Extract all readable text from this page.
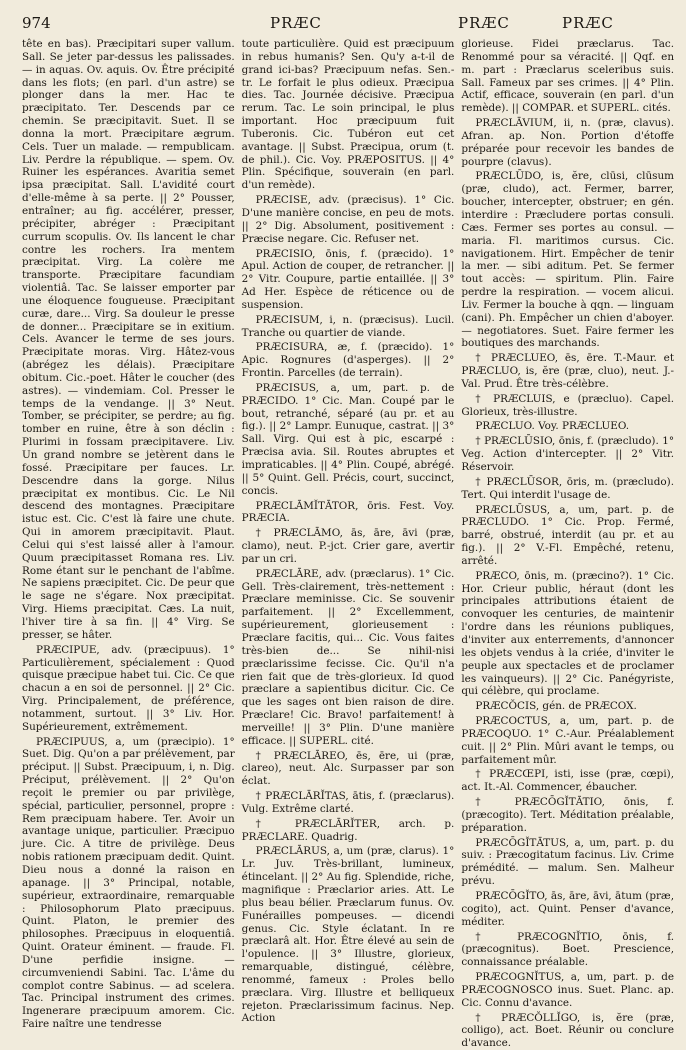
974	PRÆC	PRÆC	PRÆC

tête en bas). Præcipitari super vallum. Sall. Se jeter par-dessus les palissades. — in aquas. Ov. aquis. Ov. Être précipité dans les flots; (en parl. d'un astre) se plonger dans la mer. Hac te præcipitato. Ter. Descends par ce chemin. Se præcipitavit. Suet. Il se donna la mort. Præcipitare ægrum. Cels. Tuer un malade. — rempublicam. Liv. Perdre la république. — spem. Ov. Ruiner les espérances. Avaritia semet ipsa præcipitat. Sall. L'avidité court d'elle-même à sa perte. || 2° Pousser, entraîner; au fig. accélérer, presser, précipiter, abréger : Præcipitant currum scopulis. Ov. Ils lancent le char contre les rochers. Ira mentem præcipitat. Virg. La colère me transporte. Præcipitare facundiam violentiâ. Tac. Se laisser emporter par une éloquence fougueuse. Præcipitant curæ, dare... Virg. Sa douleur le presse de donner... Præcipitare se in exitium. Cels. Avancer le terme de ses jours. Præcipitate moras. Virg. Hâtez-vous (abrégez les délais). Præcipitare obitum. Cic.-poet. Hâter le coucher (des astres). — vindemiam. Col. Presser le temps de la vendange. || 3° Neut. Tomber, se précipiter, se perdre; au fig. tomber en ruine, être à son déclin : Plurimi in fossam præcipitavere. Liv. Un grand nombre se jetèrent dans le fossé. Præcipitare per fauces. Lr. Descendre dans la gorge. Nilus præcipitat ex montibus. Cic. Le Nil descend des montagnes. Præcipitare istuc est. Cic. C'est là faire une chute. Qui in amorem præcipitavit. Plaut. Celui qui s'est laissé aller à l'amour. Quum præcipitasset Romana res. Liv. Rome étant sur le penchant de l'abîme. Ne sapiens præcipitet. Cic. De peur que le sage ne s'égare. Nox præcipitat. Virg. Hiems præcipitat. Cæs. La nuit, l'hiver tire à sa fin. || 4° Virg. Se presser, se hâter.

PRÆCIPUE, adv. (præcipuus). 1° Particulièrement, spécialement : Quod quisque præcipue habet tui. Cic. Ce que chacun a en soi de personnel. || 2° Cic. Virg. Principalement, de préférence, notamment, surtout. || 3° Liv. Hor. Supérieurement, extrêmement.

PRÆCIPUUS, a, um (præcipio). 1° Suet. Dig. Qu'on a par prélèvement, par préciput. || Subst. Præcipuum, i, n. Dig. Préciput, prélèvement. || 2° Qu'on reçoit le premier ou par privilège, spécial, particulier, personnel, propre : Rem præcipuam habere. Ter. Avoir un avantage unique, particulier. Præcipuo jure. Cic. A titre de privilège. Deus nobis rationem præcipuam dedit. Quint. Dieu nous a donné la raison en apanage. || 3° Principal, notable, supérieur, extraordinaire, remarquable : Philosophorum Plato præcipuus. Quint. Platon, le premier des philosophes. Præcipuus in eloquentiâ. Quint. Orateur éminent. — fraude. Fl. D'une perfidie insigne. — circumveniendi Sabini. Tac. L'âme du complot contre Sabinus. — ad scelera. Tac. Principal instrument des crimes. Ingenerare præcipuum amorem. Cic. Faire naître une tendresse

toute particulière. Quid est præcipuum in rebus humanis? Sen. Qu'y a-t-il de grand ici-bas? Præcipuum nefas. Sen.-tr. Le forfait le plus odieux. Præcipua dies. Tac. Journée décisive. Præcipua rerum. Tac. Le soin principal, le plus important. Hoc præcipuum fuit Tuberonis. Cic. Tubéron eut cet avantage. || Subst. Præcipua, orum (t. de phil.). Cic. Voy. PRÆPOSITUS. || 4° Plin. Spécifique, souverain (en parl. d'un remède).

PRÆCISE, adv. (præcisus). 1° Cic. D'une manière concise, en peu de mots. || 2° Dig. Absolument, positivement : Præcise negare. Cic. Refuser net.

PRÆCISIO, ōnis, f. (præcido). 1° Apul. Action de couper, de retrancher. || 2° Vitr. Coupure, partie entaillée. || 3° Ad Her. Espèce de réticence ou de suspension.

PRÆCISUM, i, n. (præcisus). Lucil. Tranche ou quartier de viande.

PRÆCISURA, æ, f. (præcido). 1° Apic. Rognures (d'asperges). || 2° Frontin. Parcelles (de terrain).

PRÆCISUS, a, um, part. p. de PRÆCIDO. 1° Cic. Man. Coupé par le bout, retranché, séparé (au pr. et au fig.). || 2° Lampr. Eunuque, castrat. || 3° Sall. Virg. Qui est à pic, escarpé : Præcisa avia. Sil. Routes abruptes et impraticables. || 4° Plin. Coupé, abrégé. || 5° Quint. Gell. Précis, court, succinct, concis.

PRÆCLĀMĬTĀTOR, ōris. Fest. Voy. PRÆCIA.

† PRÆCLĀMO, ās, āre, āvi (præ, clamo), neut. P.-jct. Crier gare, avertir par un cri.

PRÆCLĀRE, adv. (præclarus). 1° Cic. Gell. Très-clairement, très-nettement : Præclare meminisse. Cic. Se souvenir parfaitement. || 2° Excellemment, supérieurement, glorieusement : Præclare facitis, qui... Cic. Vous faites très-bien de... Se nihil-nisi præclarissime fecisse. Cic. Qu'il n'a rien fait que de très-glorieux. Id quod præclare a sapientibus dicitur. Cic. Ce que les sages ont bien raison de dire. Præclare! Cic. Bravo! parfaitement! à merveille! || 3° Plin. D'une manière efficace. || SUPERL. cité.

† PRÆCLĀREO, ēs, ēre, ui (præ, clareo), neut. Alc. Surpasser par son éclat.

† PRÆCLĀRĬTAS, ātis, f. (præclarus). Vulg. Extrême clarté.

† PRÆCLĀRĬTER, arch. p. PRÆCLARE. Quadrig.

PRÆCLĀRUS, a, um (præ, clarus). 1° Lr. Juv. Très-brillant, lumineux, étincelant. || 2° Au fig. Splendide, riche, magnifique : Præclarior aries. Att. Le plus beau bélier. Præclarum funus. Ov. Funérailles pompeuses. — dicendi genus. Cic. Style éclatant. In re præclarâ alt. Hor. Être élevé au sein de l'opulence. || 3° Illustre, glorieux, remarquable, distingué, célèbre, renommé, fameux : Proles bello præclara. Virg. Illustre et belliqueux rejeton. Præclarissimum facinus. Nep. Action

glorieuse. Fidei præclarus. Tac. Renommé pour sa véracité. || Qqf. en m. part : Præclarus sceleribus suis. Sall. Fameux par ses crimes. || 4° Plin. Actif, efficace, souverain (en parl. d'un remède). || COMPAR. et SUPERL. cités.

PRÆCLĀVIUM, ii, n. (præ, clavus). Afran. ap. Non. Portion d'étoffe préparée pour recevoir les bandes de pourpre (clavus).

PRÆCLŪDO, is, ĕre, clūsi, clūsum (præ, cludo), act. Fermer, barrer, boucher, intercepter, obstruer; en gén. interdire : Præcludere portas consuli. Cæs. Fermer ses portes au consul. — maria. Fl. maritimos cursus. Cic. navigationem. Hirt. Empêcher de tenir la mer. — sibi aditum. Pet. Se fermer tout accès: — spiritum. Plin. Faire perdre la respiration. — vocem alicui. Liv. Fermer la bouche à qqn. — linguam (cani). Ph. Empêcher un chien d'aboyer. — negotiatores. Suet. Faire fermer les boutiques des marchands.

† PRÆCLUEO, ēs, ēre. T.-Maur. et PRÆCLUO, is, ĕre (præ, cluo), neut. J.-Val. Prud. Être très-célèbre.

† PRÆCLUIS, e (præcluo). Capel. Glorieux, très-illustre.

PRÆCLUO. Voy. PRÆCLUEO.

† PRÆCLŪSIO, ōnis, f. (præcludo). 1° Veg. Action d'intercepter. || 2° Vitr. Réservoir.

† PRÆCLŪSOR, ōris, m. (præcludo). Tert. Qui interdit l'usage de.

PRÆCLŪSUS, a, um, part. p. de PRÆCLUDO. 1° Cic. Prop. Fermé, barré, obstrué, interdit (au pr. et au fig.). || 2° V.-Fl. Empêché, retenu, arrêté.

PRÆCO, ōnis, m. (præcino?). 1° Cic. Hor. Crieur public, héraut (dont les principales attributions étaient de convoquer les centuries, de maintenir l'ordre dans les réunions publiques, d'inviter aux enterrements, d'annoncer les objets vendus à la criée, d'inviter le peuple aux spectacles et de proclamer les vainqueurs). || 2° Cic. Panégyriste, qui célèbre, qui proclame.

PRÆCŎCIS, gén. de PRÆCOX.

PRÆCOCTUS, a, um, part. p. de PRÆCOQUO. 1° C.-Aur. Préalablement cuit. || 2° Plin. Mûri avant le temps, ou parfaitement mûr.

† PRÆCŒPI, isti, isse (præ, cœpi), act. It.-Al. Commencer, ébaucher.

† PRÆCŌGĬTĀTIO, ōnis, f. (præcogito). Tert. Méditation préalable, préparation.

PRÆCŌGĬTĀTUS, a, um, part. p. du suiv. : Præcogitatum facinus. Liv. Crime prémédité. — malum. Sen. Malheur prévu.

PRÆCŌGĬTO, ās, āre, āvi, ātum (præ, cogito), act. Quint. Penser d'avance, méditer.

† PRÆCOGNĬTIO, ōnis, f. (præcognitus). Boet. Prescience, connaissance préalable.

PRÆCOGNĬTUS, a, um, part. p. de PRÆCOGNOSCO inus. Suet. Planc. ap. Cic. Connu d'avance.

† PRÆCŎLLĬGO, is, ĕre (præ, colligo), act. Boet. Réunir ou conclure d'avance.
